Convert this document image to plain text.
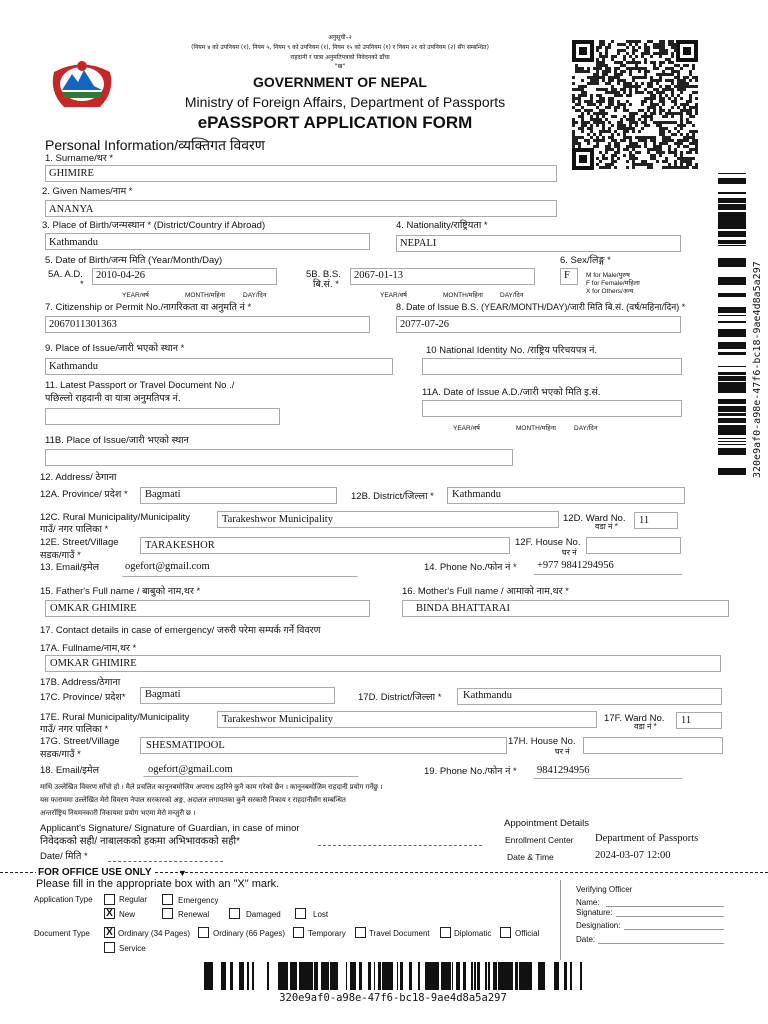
अनुसूची–२
(नियम ४ को उपनियम (१), नियम ५, नियम ९ को उपनियम (१), नियम १५ को उपनियम (१) र नियम २१ को उपनियम (२) सँग सम्बन्धित)
राहदानी र यात्रा अनुमतिपत्रको निवेदनको ढाँचा
"ख"
GOVERNMENT OF NEPAL
Ministry of Foreign Affairs, Department of Passports
ePASSPORT APPLICATION FORM
Personal Information/व्यक्तिगत विवरण
320e9af0-a98e-47f6-bc18-9ae4d8a5a297
1. Surname/थर *
GHIMIRE
2. Given Names/नाम *
ANANYA
3. Place of Birth/जन्मस्थान * (District/Country if Abroad)
Kathmandu
4. Nationality/राष्ट्रियता *
NEPALI
5. Date of Birth/जन्म मिति (Year/Month/Day)
5A. A.D.
*
2010-04-26
YEAR/वर्ष	MONTH/महिना	DAY/दिन
5B. B.S.
बि.सं. *
2067-01-13
YEAR/वर्ष	MONTH/महिना	DAY/दिन
6. Sex/लिङ्ग *
F M for Male/पुरुष
F for Female/महिला
X for Others/अन्य
7. Citizenship or Permit No./नागरिकता वा अनुमति नं *
2067011301363
8. Date of Issue B.S. (YEAR/MONTH/DAY)/जारी मिति बि.सं. (वर्ष/महिना/दिन) *
2077-07-26
9. Place of Issue/जारी भएको स्थान *
Kathmandu
10 National Identity No. /राष्ट्रिय परिचयपत्र नं.
11. Latest Passport or Travel Document No ./
पछिल्लो राहदानी वा यात्रा अनुमतिपत्र नं.
11A. Date of Issue A.D./जारी भएको मिति इ.सं.
YEAR/वर्ष	MONTH/महिना	DAY/दिन
11B. Place of Issue/जारी भएको स्थान
12. Address/ ठेगाना
12A. Province/ प्रदेश * Bagmati	12B. District/जिल्ला * Kathmandu
12C. Rural Municipality/Municipality
गाउँ/ नगर पालिका *
Tarakeshwor Municipality	12D. Ward No.
वडा नं *
11
12E. Street/Village
सडक/गाउँ *
TARAKESHOR	12F. House No.
घर नं
13. Email/इमेल ogefort@gmail.com	14. Phone No./फोन नं * +977 9841294956
15. Father's Full name / बाबुको नाम,थर *
OMKAR GHIMIRE
16. Mother's Full name / आमाको नाम,थर *
BINDA BHATTARAI
17. Contact details in case of emergency/ जरुरी परेमा सम्पर्क गर्ने विवरण
17A. Fullname/नाम,थर *
OMKAR GHIMIRE
17B. Address/ठेगाना
17C. Province/ प्रदेश* Bagmati	17D. District/जिल्ला * Kathmandu
17E. Rural Municipality/Municipality
गाउँ/ नगर पालिका *
Tarakeshwor Municipality	17F. Ward No.
वडा नं *
11
17G. Street/Village
सडक/गाउँ *
SHESMATIPOOL	17H. House No.
घर नं
18. Email/इमेल	ogefort@gmail.com	19. Phone No./फोन नं * 9841294956
माथि उल्लेखित विवरण साँचो हो । मैले प्रचलित कानूनबमोजिम अपराध ठहरिने कुनै काम गरेको छैन । कानूनबमोजिम राहदानी प्रयोग गर्नेछु ।
यस फाराममा उल्लेखित मेरो विवरण नेपाल सरकारको अङ्ग, अदालत लगायतका कुनै सरकारी निकाय र राहदानीसँग सम्बन्धित
अन्तर्राष्ट्रिय नियमनकारी निकायमा प्रयोग भएमा मेरो मन्जुरी छ ।
Applicant's Signature/ Signature of Guardian, in case of minor
निवेदकको सही/ नाबालकको हकमा अभिभावकको सही*
Date/ मिति *
Appointment Details
Enrollment Center Department of Passports
Date & Time	2024-03-07 12:00
FOR OFFICE USE ONLY	▼
Please fill in the appropriate box with an "X" mark.
Application Type	Regular	Emergency
X New	Renewal	Damaged	Lost
Document Type X Ordinary (34 Pages)	Ordinary (66 Pages)	Temporary	Travel Document	Diplomatic	Official
Service
Verifying Officer
Name:
Signature:
Designation:
Date:
320e9af0-a98e-47f6-bc18-9ae4d8a5a297
